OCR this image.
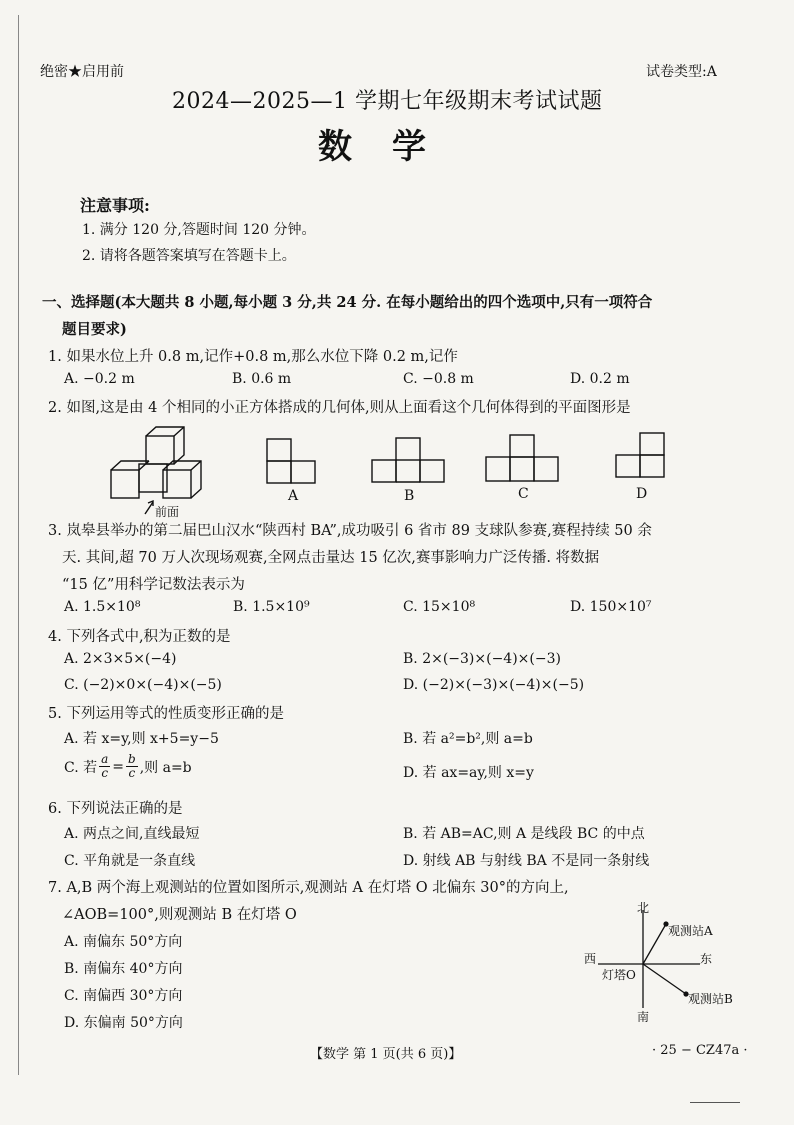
绝密★启用前	试卷类型:A
2024—2025—1 学期七年级期末考试试题
数学
注意事项:
1. 满分 120 分,答题时间 120 分钟。
2. 请将各题答案填写在答题卡上。
一、选择题(本大题共 8 小题,每小题 3 分,共 24 分. 在每小题给出的四个选项中,只有一项符合
题目要求)
1. 如果水位上升 0.8 m,记作+0.8 m,那么水位下降 0.2 m,记作
A. −0.2 m	B. 0.6 m	C. −0.8 m	D. 0.2 m
2. 如图,这是由 4 个相同的小正方体搭成的几何体,则从上面看这个几何体得到的平面图形是
前面
A	B	C	D
3. 岚皋县举办的第二届巴山汉水“陕西村 BA”,成功吸引 6 省市 89 支球队参赛,赛程持续 50 余
天. 其间,超 70 万人次现场观赛,全网点击量达 15 亿次,赛事影响力广泛传播. 将数据
“15 亿”用科学记数法表示为
A. 1.5×10⁸	B. 1.5×10⁹	C. 15×10⁸	D. 150×10⁷
4. 下列各式中,积为正数的是
A. 2×3×5×(−4)	B. 2×(−3)×(−4)×(−3)
C. (−2)×0×(−4)×(−5)	D. (−2)×(−3)×(−4)×(−5)
5. 下列运用等式的性质变形正确的是
A. 若 x=y,则 x+5=y−5	B. 若 a²=b²,则 a=b
C. 若 $\frac{a}{c} = \frac{b}{c}$ ,则 a=b	D. 若 ax=ay,则 x=y
6. 下列说法正确的是
A. 两点之间,直线最短	B. 若 AB=AC,则 A 是线段 BC 的中点
C. 平角就是一条直线	D. 射线 AB 与射线 BA 不是同一条射线
7. A,B 两个海上观测站的位置如图所示,观测站 A 在灯塔 O 北偏东 30°的方向上,
∠AOB=100°,则观测站 B 在灯塔 O
A. 南偏东 50°方向
B. 南偏东 40°方向
C. 南偏西 30°方向
D. 东偏南 50°方向
北
南
西	东
灯塔O
观测站A
观测站B
【数学 第 1 页(共 6 页)】	· 25 − CZ47a ·
